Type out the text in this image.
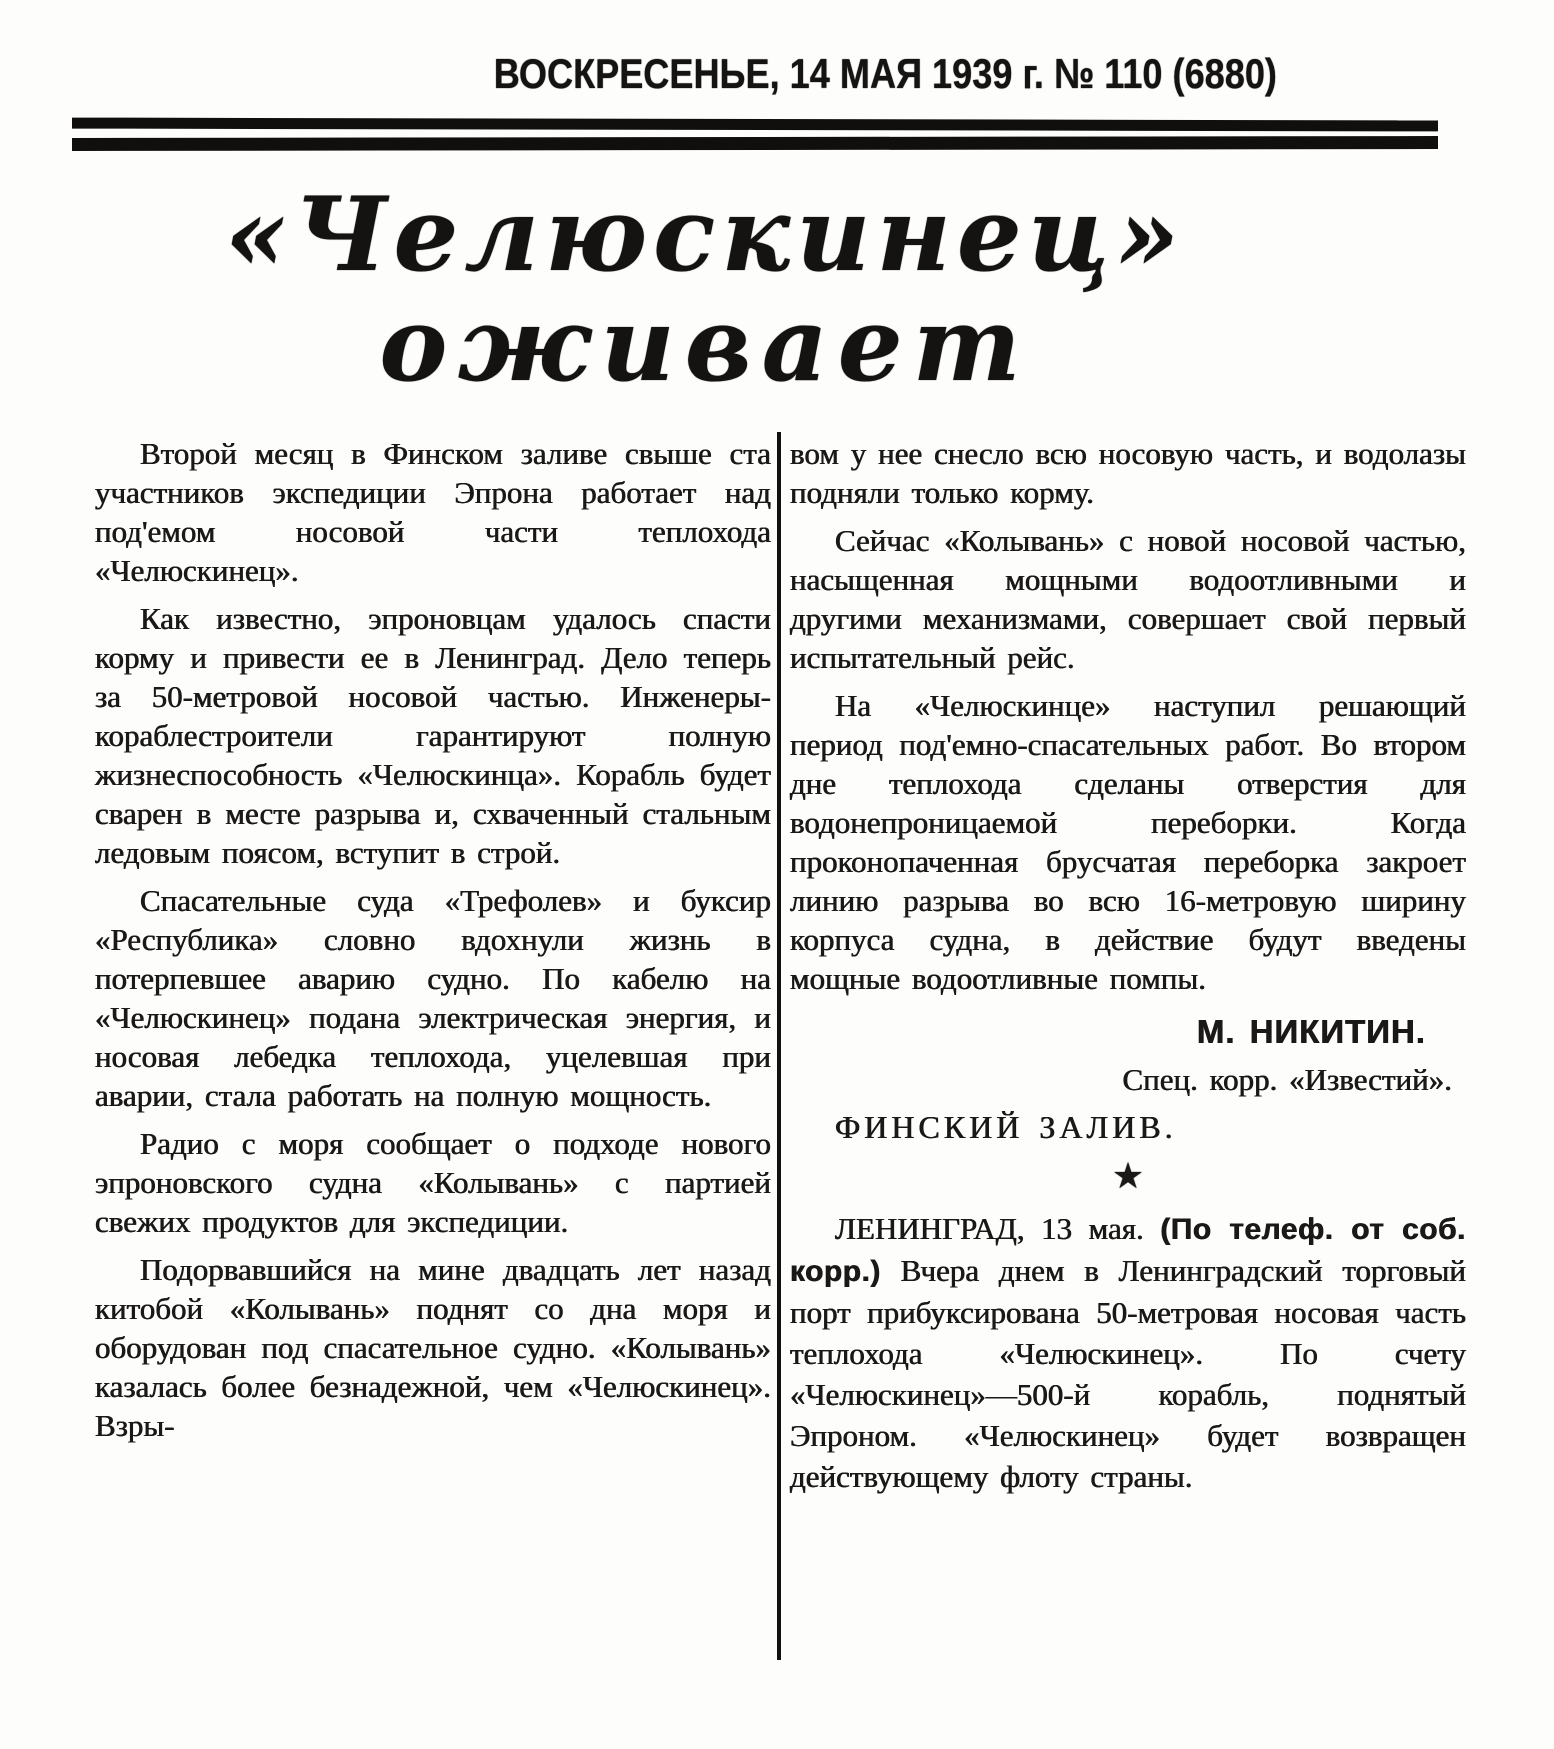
ВОСКРЕСЕНЬЕ, 14 МАЯ 1939 г. № 110 (6880)
«Челюскинец»
оживает

Второй месяц в Финском заливе свыше ста участников экспедиции Эпрона работает над под'емом носовой части теплохода «Челюскинец».

Как известно, эпроновцам удалось спасти корму и привести ее в Ленинград. Дело теперь за 50-метровой носовой частью. Инженеры-кораблестроители гарантируют полную жизнеспособность «Челюскинца». Корабль будет сварен в месте разрыва и, схваченный стальным ледовым поясом, вступит в строй.

Спасательные суда «Трефолев» и буксир «Республика» словно вдохнули жизнь в потерпевшее аварию судно. По кабелю на «Челюскинец» подана электрическая энергия, и носовая лебедка теплохода, уцелевшая при аварии, стала работать на полную мощность.

Радио с моря сообщает о подходе нового эпроновского судна «Колывань» с партией свежих продуктов для экспедиции.

Подорвавшийся на мине двадцать лет назад китобой «Колывань» поднят со дна моря и оборудован под спасательное судно. «Колывань» казалась более безнадежной, чем «Челюскинец». Взры-

вом у нее снесло всю носовую часть, и водолазы подняли только корму.

Сейчас «Колывань» с новой носовой частью, насыщенная мощными водоотливными и другими механизмами, совершает свой первый испытательный рейс.

На «Челюскинце» наступил решающий период под'емно-спасательных работ. Во втором дне теплохода сделаны отверстия для водонепроницаемой переборки. Когда проконопаченная брусчатая переборка закроет линию разрыва во всю 16-метровую ширину корпуса судна, в действие будут введены мощные водоотливные помпы.

М. НИКИТИН.

Спец. корр. «Известий».

ФИНСКИЙ ЗАЛИВ.

★

ЛЕНИНГРАД, 13 мая. (По телеф. от соб. корр.) Вчера днем в Ленинградский торговый порт прибуксирована 50-метровая носовая часть теплохода «Челюскинец». По счету «Челюскинец»—500-й корабль, поднятый Эпроном. «Челюскинец» будет возвращен действующему флоту страны.
